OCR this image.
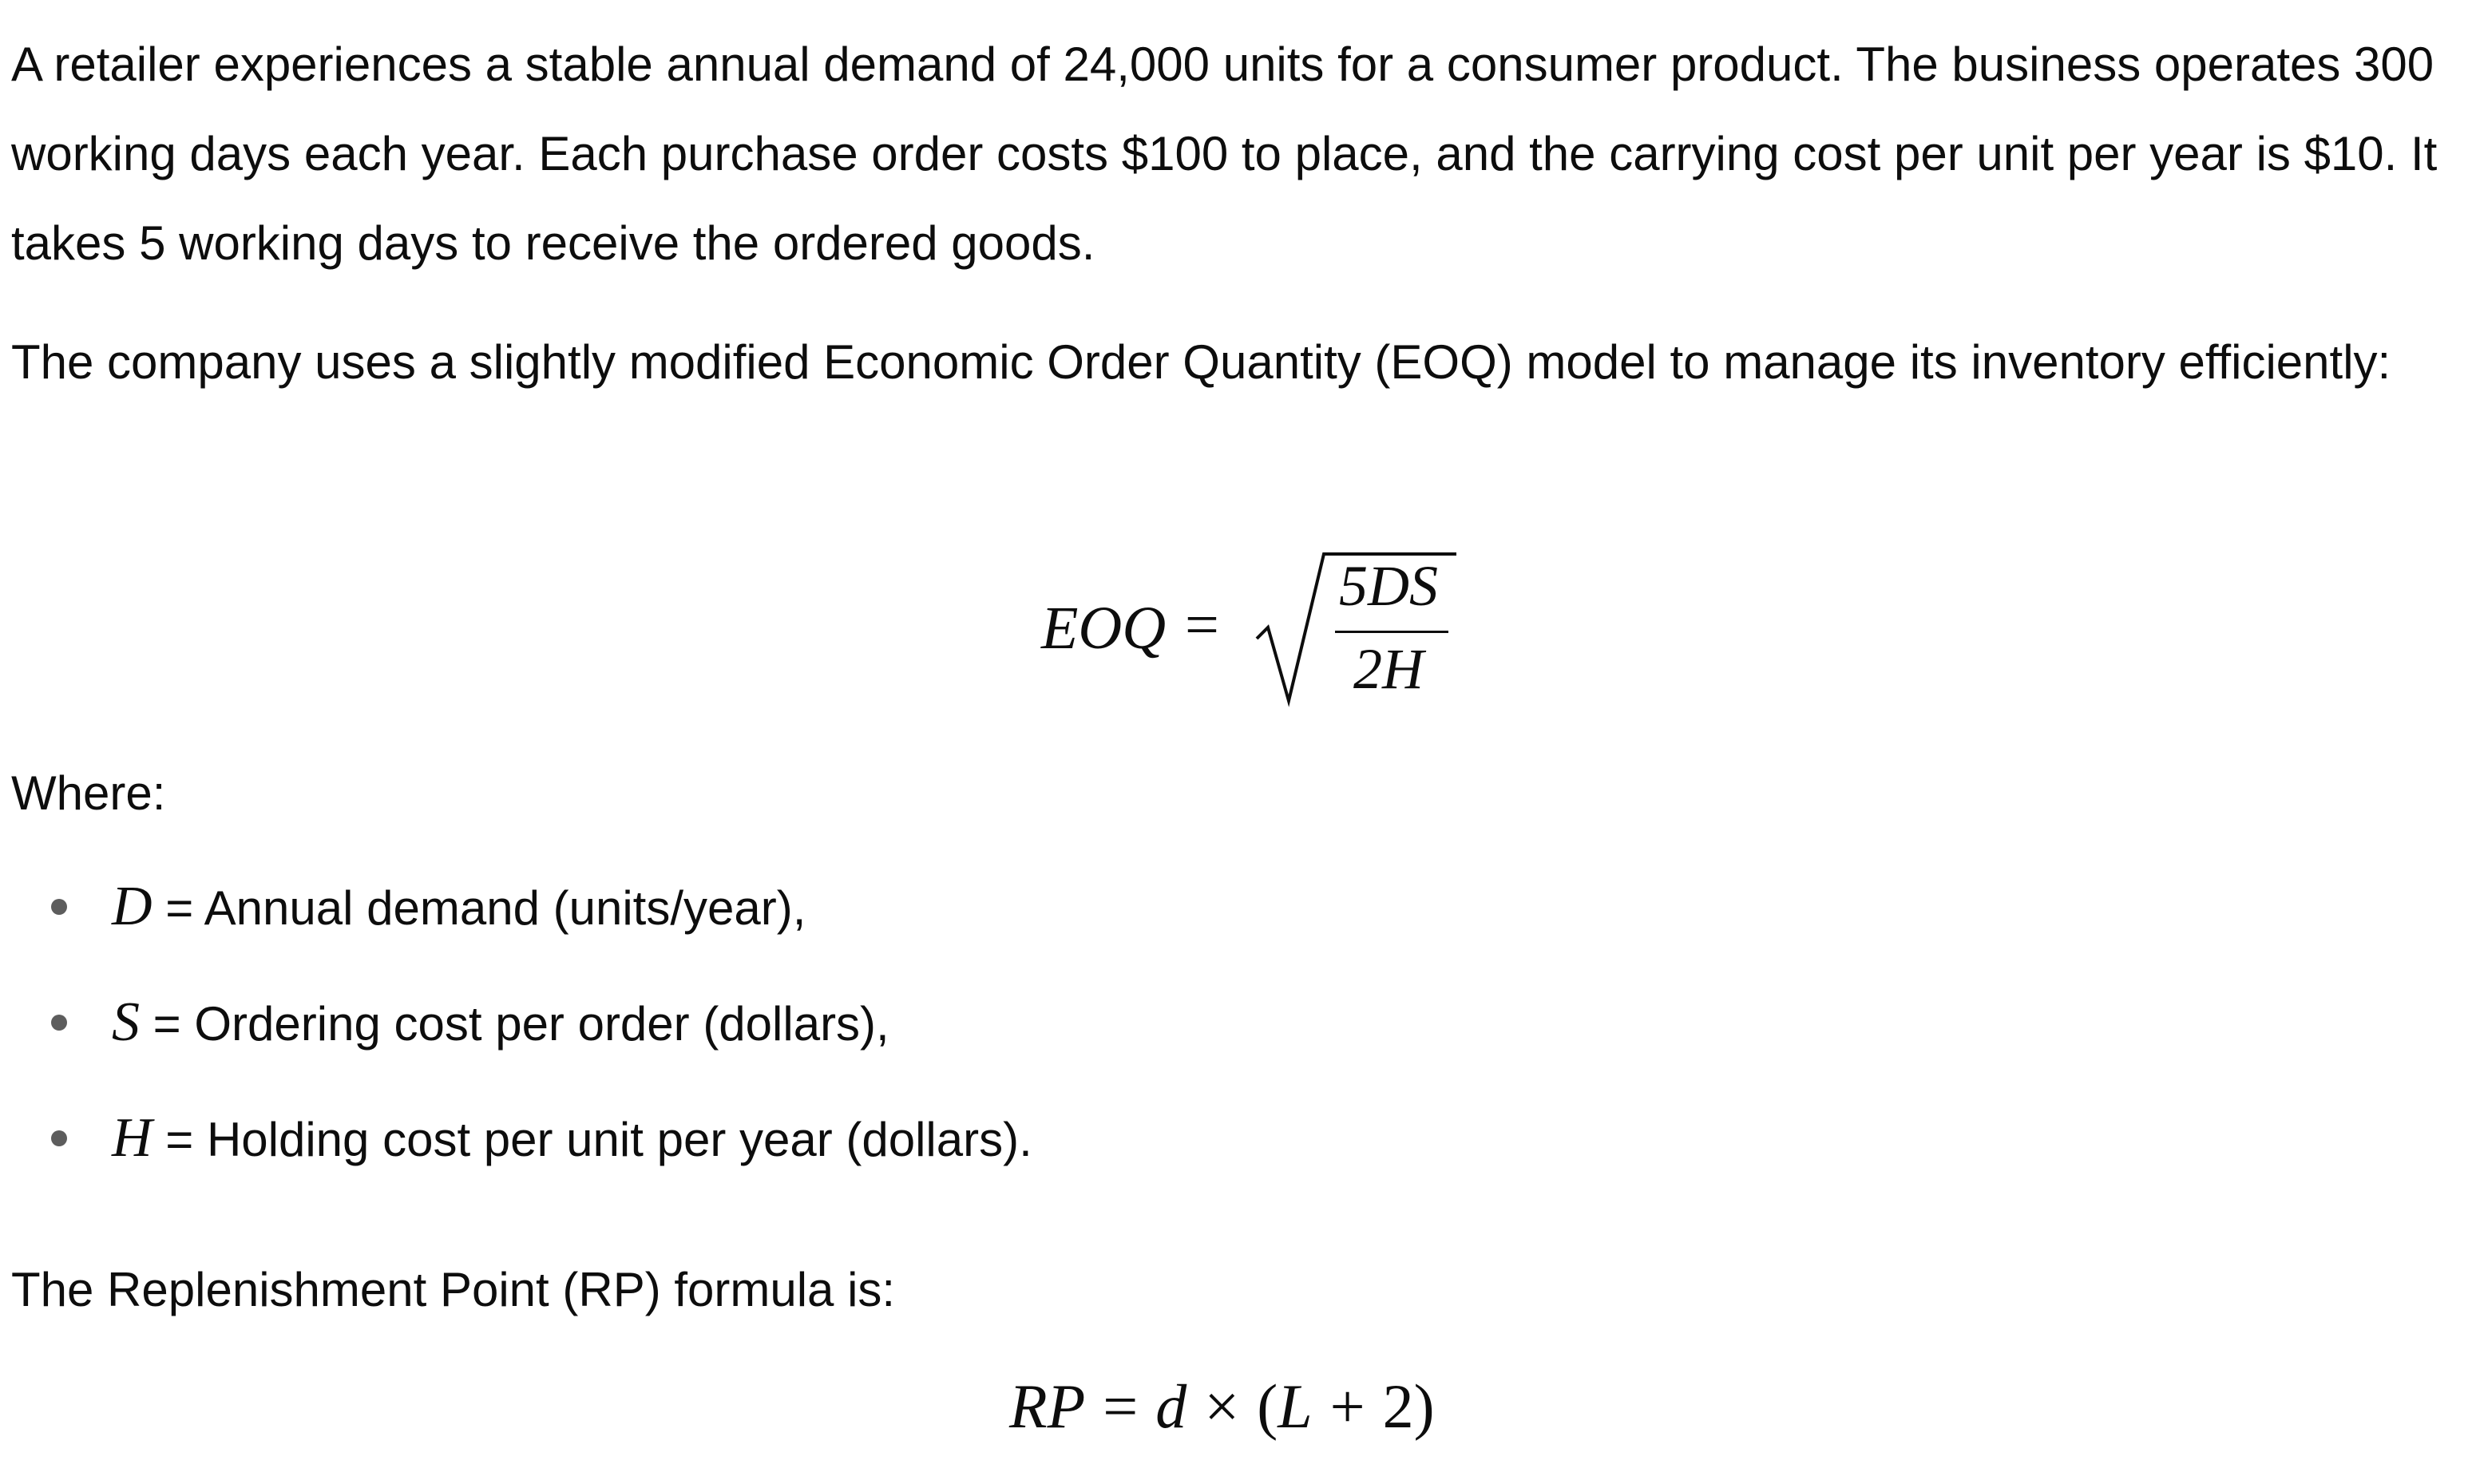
A retailer experiences a stable annual demand of 24,000 units for a consumer product. The business operates 300 working days each year. Each purchase order costs $100 to place, and the carrying cost per unit per year is $10. It takes 5 working days to receive the ordered goods.

The company uses a slightly modified Economic Order Quantity (EOQ) model to manage its inventory efficiently:

EOQ =
5DS
2H

Where:

D = Annual demand (units/year),
S = Ordering cost per order (dollars),
H = Holding cost per unit per year (dollars).

The Replenishment Point (RP) formula is:

RP = d × (L + 2)
